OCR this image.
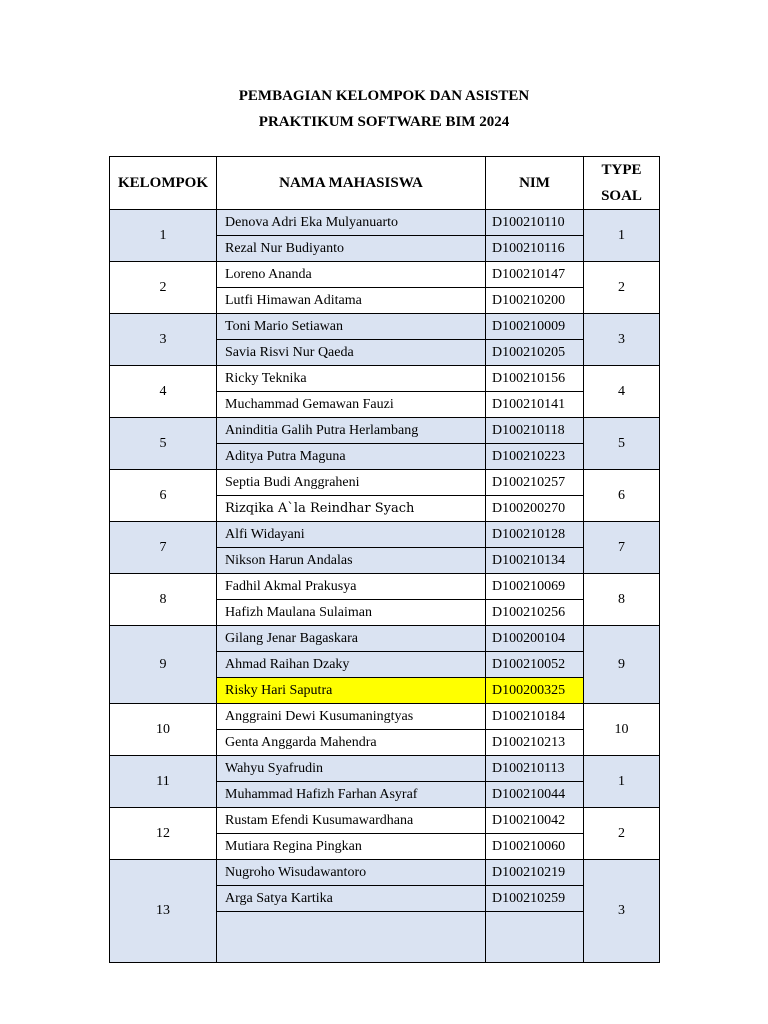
PEMBAGIAN KELOMPOK DAN ASISTEN
PRAKTIKUM SOFTWARE BIM 2024
KELOMPOK	NAMA MAHASISWA	NIM	TYPE
SOAL
1	Denova Adri Eka Mulyanuarto	D100210110	1
	Rezal Nur Budiyanto	D100210116	
2	Loreno Ananda	D100210147	2
	Lutfi Himawan Aditama	D100210200	
3	Toni Mario Setiawan	D100210009	3
	Savia Risvi Nur Qaeda	D100210205	
4	Ricky Teknika	D100210156	4
	Muchammad Gemawan Fauzi	D100210141	
5	Aninditia Galih Putra Herlambang	D100210118	5
	Aditya Putra Maguna	D100210223	
6	Septia Budi Anggraheni	D100210257	6
	Rizqika A`la Reindhar Syach	D100200270	
7	Alfi Widayani	D100210128	7
	Nikson Harun Andalas	D100210134	
8	Fadhil Akmal Prakusya	D100210069	8
	Hafizh Maulana Sulaiman	D100210256	
9	Gilang Jenar Bagaskara	D100200104	9
	Ahmad Raihan Dzaky	D100210052	
	Risky Hari Saputra	D100200325	
10	Anggraini Dewi Kusumaningtyas	D100210184	10
	Genta Anggarda Mahendra	D100210213	
11	Wahyu Syafrudin	D100210113	1
	Muhammad Hafizh Farhan Asyraf	D100210044	
12	Rustam Efendi Kusumawardhana	D100210042	2
	Mutiara Regina Pingkan	D100210060	
13	Nugroho Wisudawantoro	D100210219	3
	Arga Satya Kartika	D100210259	
